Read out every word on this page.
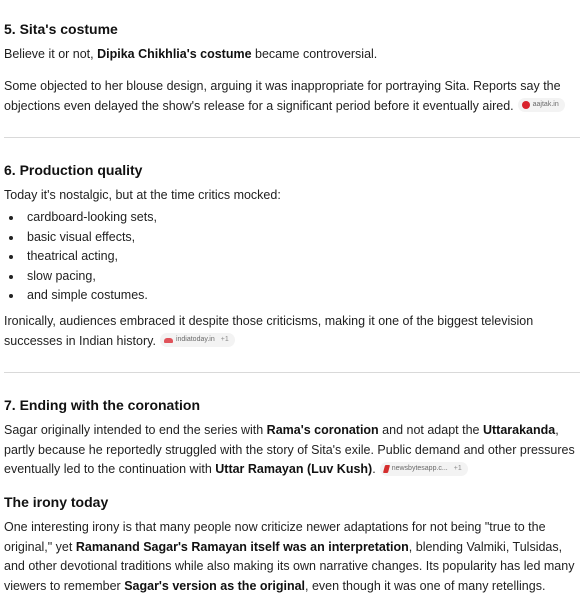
5. Sita's costume

Believe it or not, Dipika Chikhlia's costume became controversial.

Some objected to her blouse design, arguing it was inappropriate for portraying Sita. Reports say the objections even delayed the show's release for a significant period before it eventually aired.	aajtak.in

6. Production quality

Today it's nostalgic, but at the time critics mocked:

cardboard-looking sets,
basic visual effects,
theatrical acting,
slow pacing,
and simple costumes.

Ironically, audiences embraced it despite those criticisms, making it one of the biggest television successes in Indian history.	indiatoday.in +1

7. Ending with the coronation

Sagar originally intended to end the series with Rama's coronation and not adapt the Uttarakanda, partly because he reportedly struggled with the story of Sita's exile. Public demand and other pressures eventually led to the continuation with Uttar Ramayan (Luv Kush). newsbytesapp.c... +1

The irony today

One interesting irony is that many people now criticize newer adaptations for not being "true to the original," yet Ramanand Sagar's Ramayan itself was an interpretation, blending Valmiki, Tulsidas, and other devotional traditions while also making its own narrative changes. Its popularity has led many viewers to remember Sagar's version as the original, even though it was one of many retellings.
